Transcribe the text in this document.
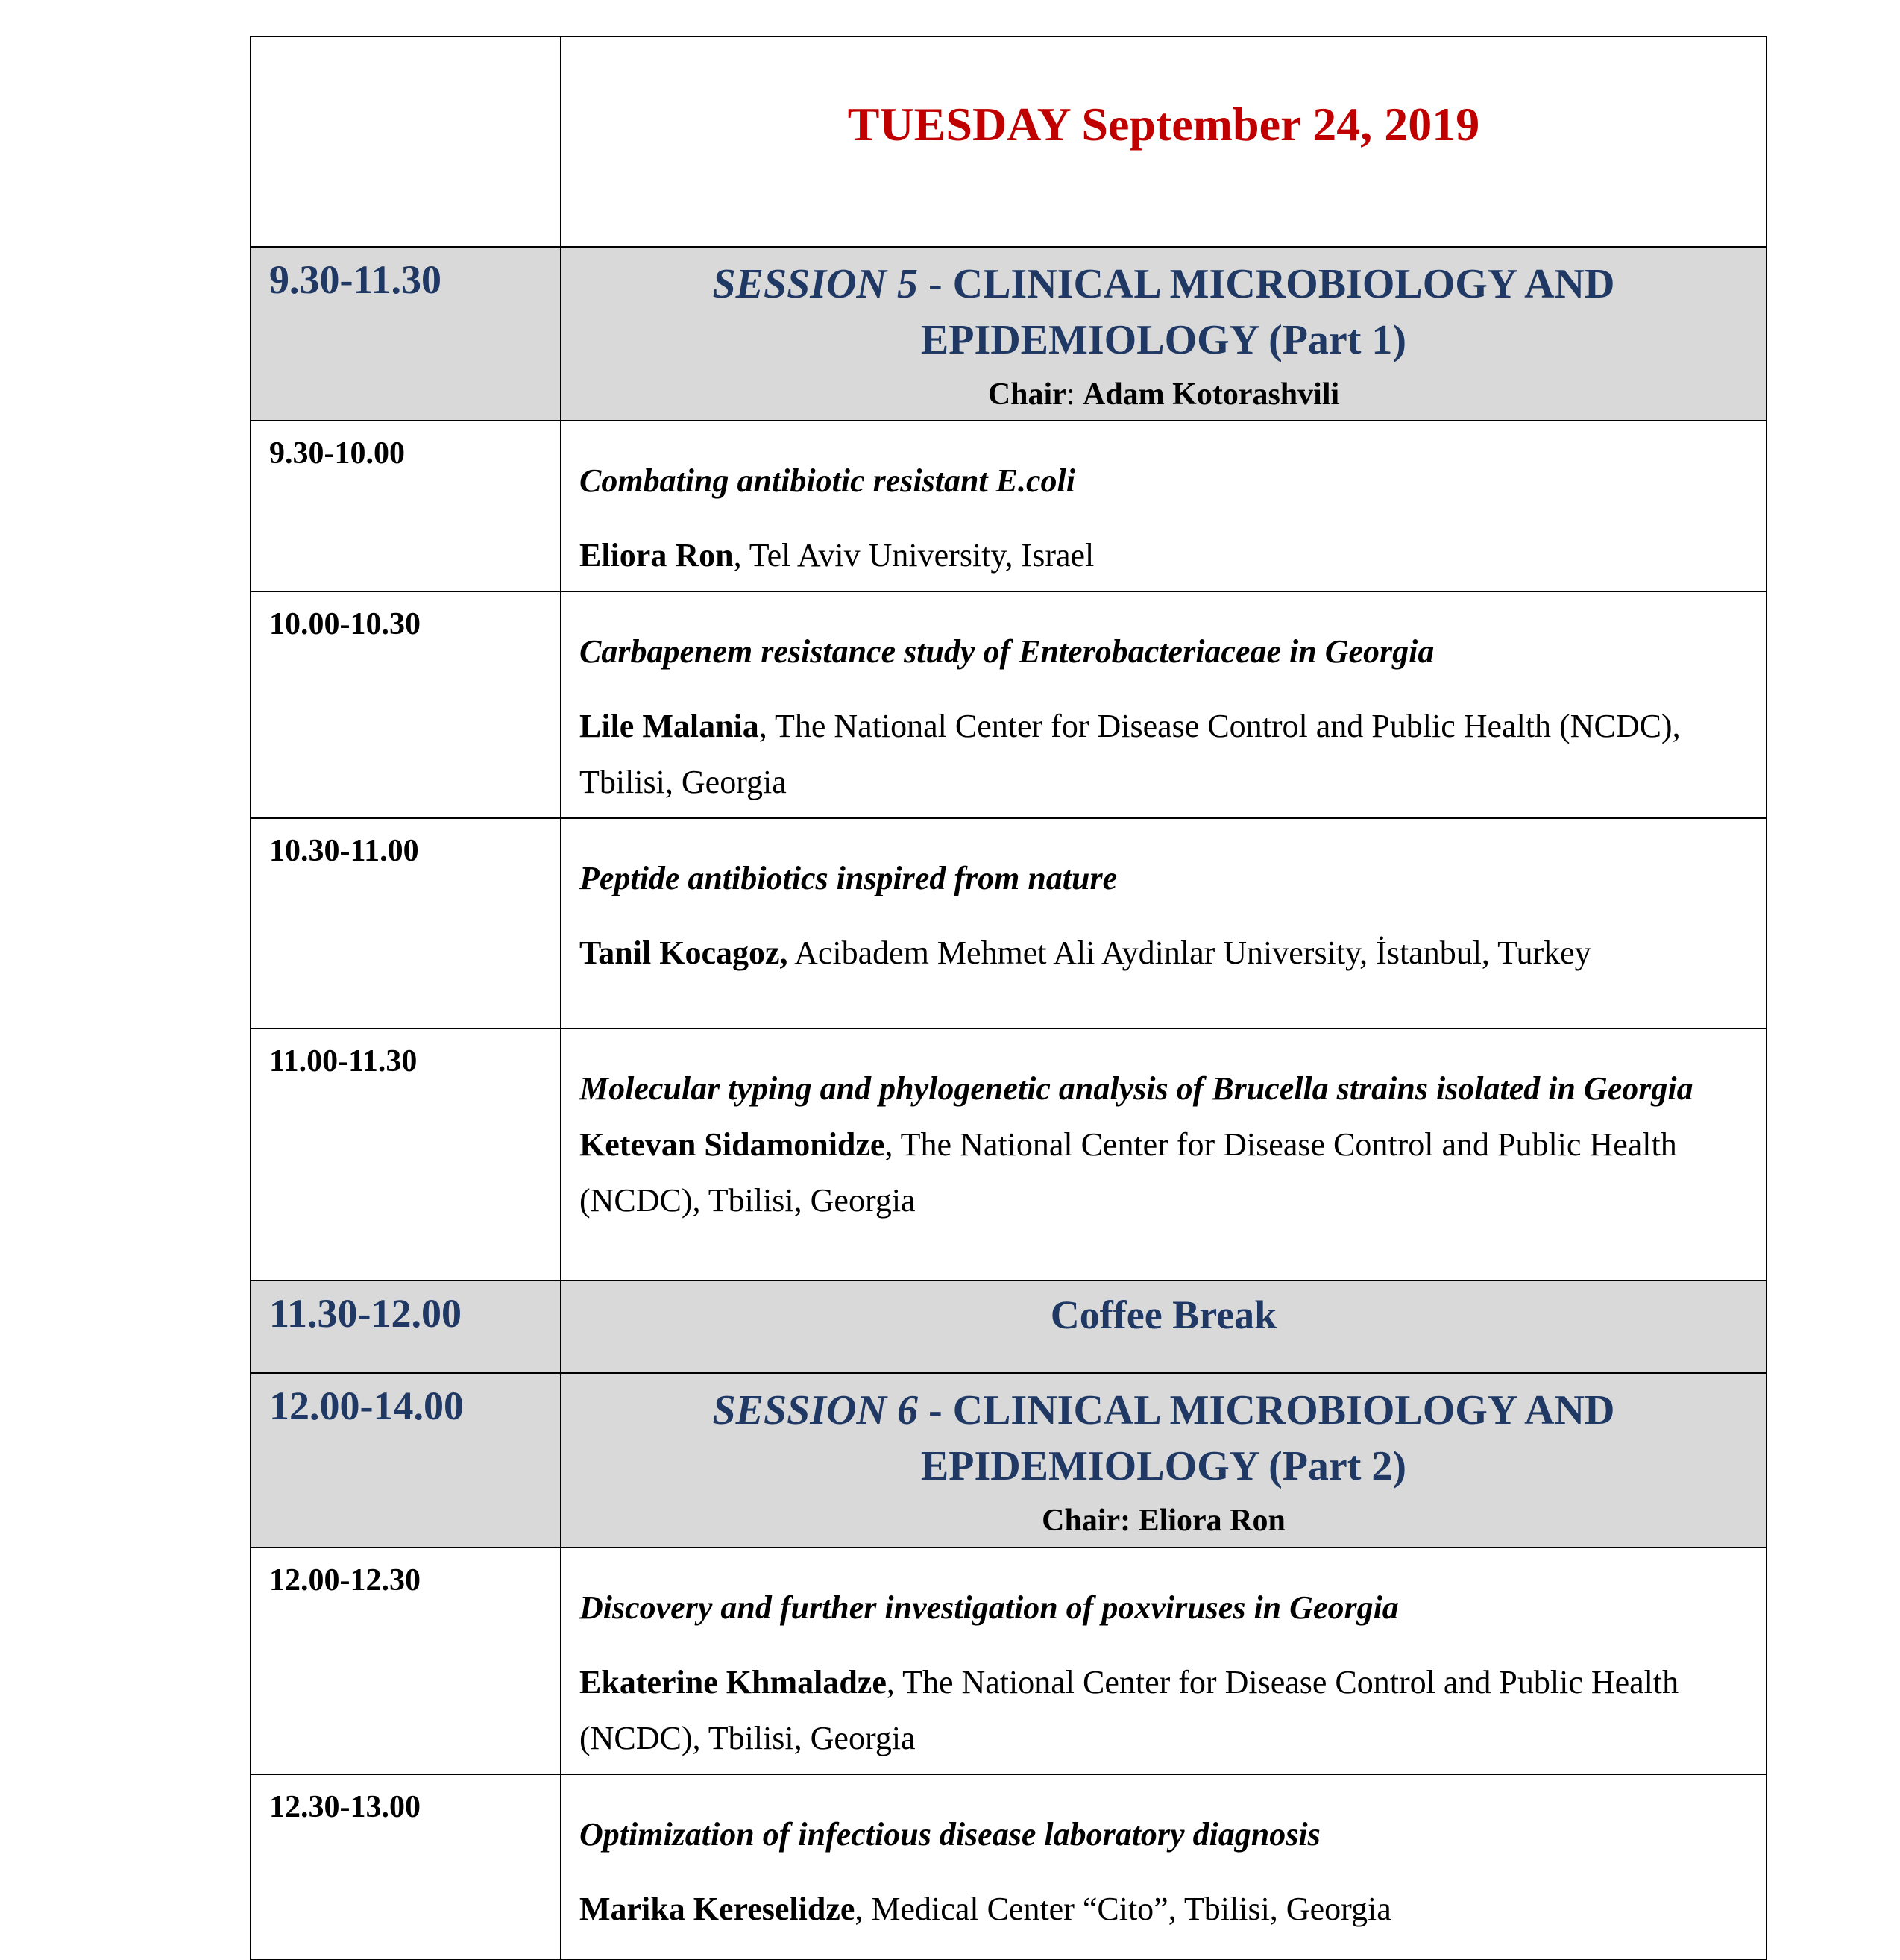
	TUESDAY September 24, 2019
9.30-11.30	SESSION 5 - CLINICAL MICROBIOLOGY AND EPIDEMIOLOGY (Part 1)
Chair: Adam Kotorashvili

9.30-10.00	Combating antibiotic resistant E.coli
Eliora Ron, Tel Aviv University, Israel

10.00-10.30	Carbapenem resistance study of Enterobacteriaceae in Georgia
Lile Malania, The National Center for Disease Control and Public Health (NCDC), Tbilisi, Georgia

10.30-11.00	Peptide antibiotics inspired from nature
Tanil Kocagoz, Acibadem Mehmet Ali Aydinlar University, İstanbul, Turkey

11.00-11.30	Molecular typing and phylogenetic analysis of Brucella strains isolated in Georgia
Ketevan Sidamonidze, The National Center for Disease Control and Public Health (NCDC), Tbilisi, Georgia

11.30-12.00	Coffee Break
12.00-14.00	SESSION 6 - CLINICAL MICROBIOLOGY AND EPIDEMIOLOGY (Part 2)
Chair: Eliora Ron

12.00-12.30	Discovery and further investigation of poxviruses in Georgia
Ekaterine Khmaladze, The National Center for Disease Control and Public Health (NCDC), Tbilisi, Georgia

12.30-13.00	Optimization of infectious disease laboratory diagnosis
Marika Kereselidze, Medical Center “Cito”, Tbilisi, Georgia
